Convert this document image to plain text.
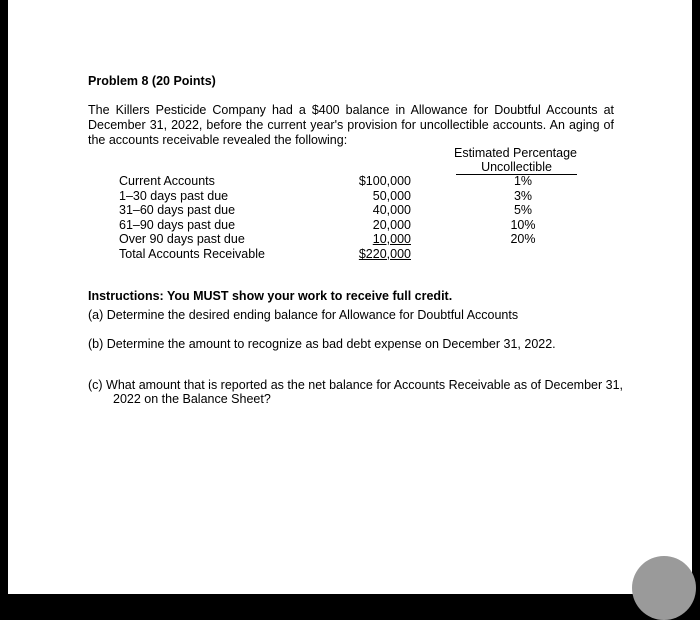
Problem 8 (20 Points)
The Killers Pesticide Company had a $400 balance in Allowance for Doubtful Accounts at December 31, 2022, before the current year's provision for uncollectible accounts. An aging of the accounts receivable revealed the following:
Estimated Percentage
Uncollectible
Current Accounts
1–30 days past due
31–60 days past due
61–90 days past due
Over 90 days past due
Total Accounts Receivable
$100,000
50,000
40,000
20,000
10,000
$220,000
1%
3%
5%
10%
20%
Instructions: You MUST show your work to receive full credit.
(a) Determine the desired ending balance for Allowance for Doubtful Accounts
(b) Determine the amount to recognize as bad debt expense on December 31, 2022.
(c) What amount that is reported as the net balance for Accounts Receivable as of December 31,
2022 on the Balance Sheet?
